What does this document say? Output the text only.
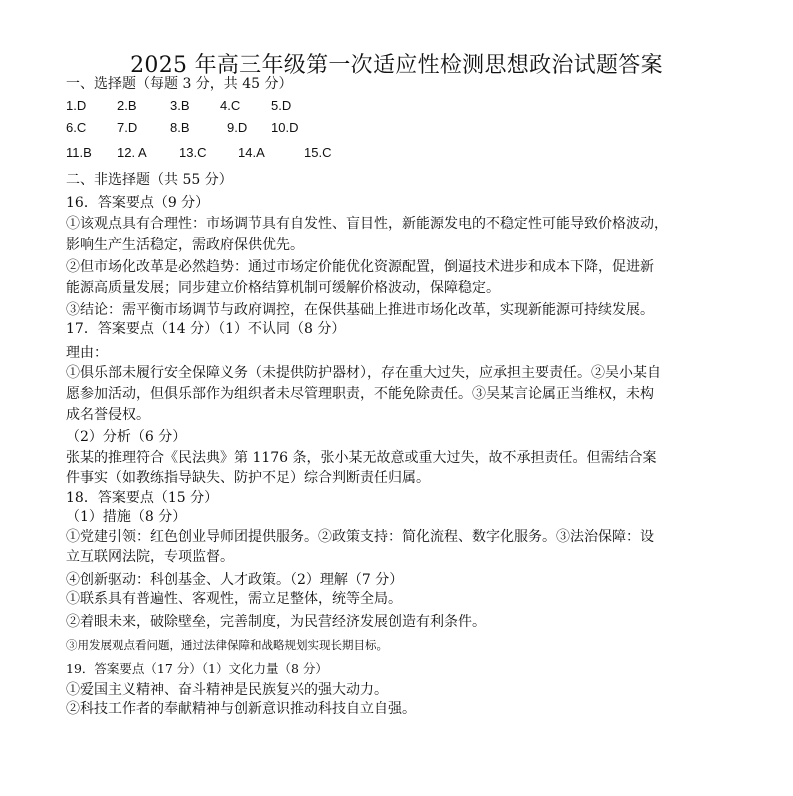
2025 年高三年级第一次适应性检测思想政治试题答案
一、选择题（每题 3 分，共 45 分）
1.D 2.B	3.B 4.C 5.D
6.C 7.D	8.B	9.D 10.D
11.B 12. A 13.C 14.A	15.C
二、非选择题（共 55 分）
16．答案要点（9 分）
①该观点具有合理性：市场调节具有自发性、盲目性，新能源发电的不稳定性可能导致价格波动，
影响生产生活稳定，需政府保供优先。
②但市场化改革是必然趋势：通过市场定价能优化资源配置，倒逼技术进步和成本下降，促进新
能源高质量发展；同步建立价格结算机制可缓解价格波动，保障稳定。
③结论：需平衡市场调节与政府调控，在保供基础上推进市场化改革，实现新能源可持续发展。
17．答案要点（14 分）（1）不认同（8 分）
理由：
①俱乐部未履行安全保障义务（未提供防护器材），存在重大过失，应承担主要责任。②吴小某自
愿参加活动，但俱乐部作为组织者未尽管理职责，不能免除责任。③吴某言论属正当维权，未构
成名誉侵权。
（2）分析（6 分）
张某的推理符合《民法典》第 1176 条，张小某无故意或重大过失，故不承担责任。但需结合案
件事实（如教练指导缺失、防护不足）综合判断责任归属。
18．答案要点（15 分）
（1）措施（8 分）
①党建引领：红色创业导师团提供服务。②政策支持：简化流程、数字化服务。③法治保障：设
立互联网法院，专项监督。
④创新驱动：科创基金、人才政策。（2）理解（7 分）
①联系具有普遍性、客观性，需立足整体，统等全局。
②着眼未来，破除壁垒，完善制度，为民营经济发展创造有利条件。
③用发展观点看问题，通过法律保障和战略规划实现长期目标。
19．答案要点（17 分）（1）文化力量（8 分）
①爱国主义精神、奋斗精神是民族复兴的强大动力。
②科技工作者的奉献精神与创新意识推动科技自立自强。
